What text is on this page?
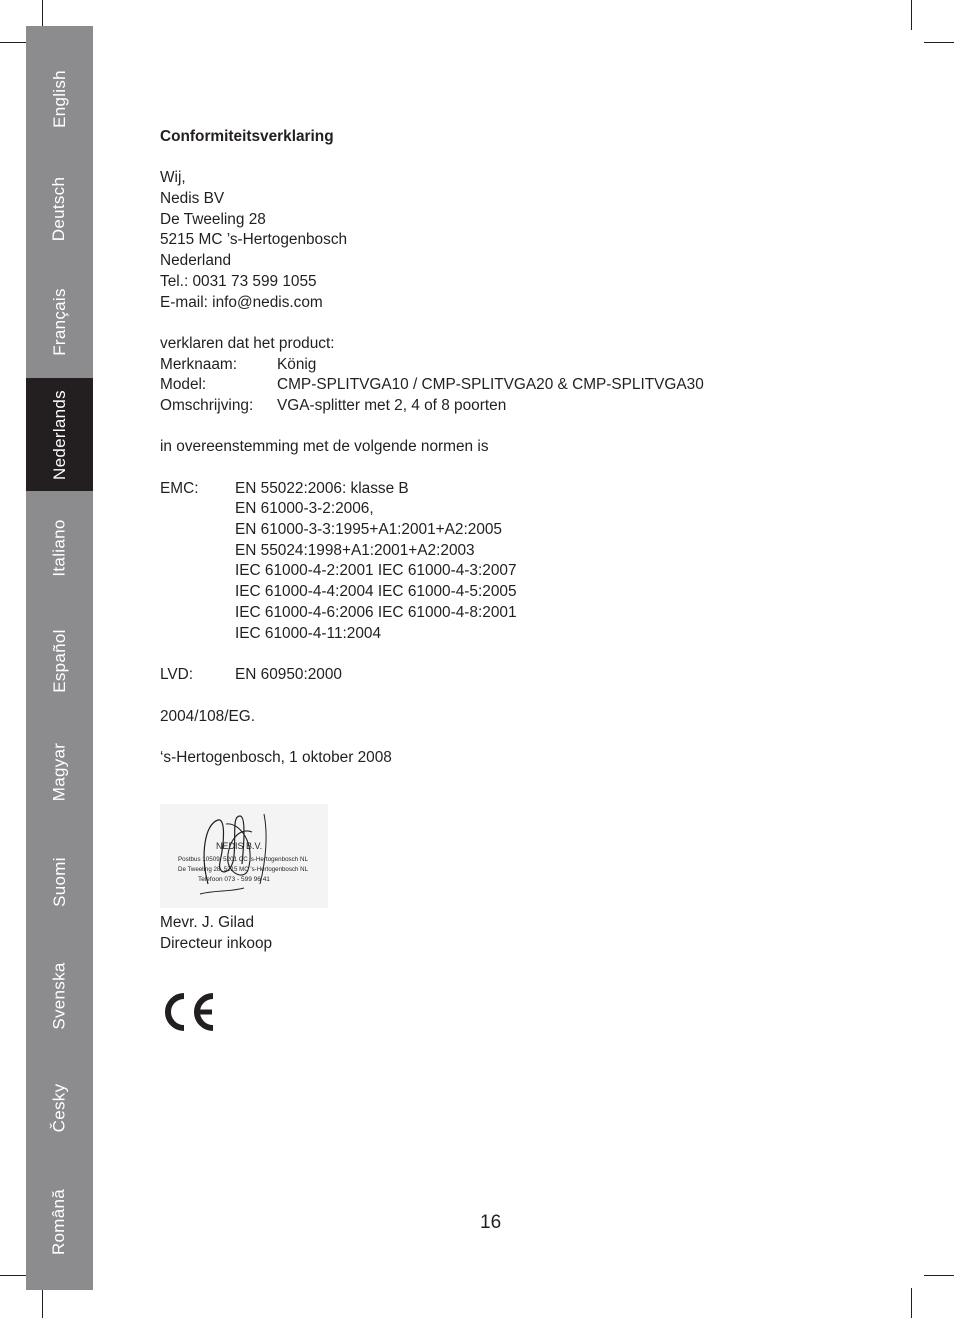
English
Deutsch
Français
Nederlands
Italiano
Español
Magyar
Suomi
Svenska
Česky
Română
Conformiteitsverklaring
Wij,
Nedis BV
De Tweeling 28
5215 MC ’s-Hertogenbosch
Nederland
Tel.: 0031 73 599 1055
E-mail: info@nedis.com
verklaren dat het product:
Merknaam:	König
Model:	CMP-SPLITVGA10 / CMP-SPLITVGA20 & CMP-SPLITVGA30
Omschrijving: VGA-splitter met 2, 4 of 8 poorten
in overeenstemming met de volgende normen is
EMC: EN 55022:2006: klasse B
EN 61000-3-2:2006,
EN 61000-3-3:1995+A1:2001+A2:2005
EN 55024:1998+A1:2001+A2:2003
IEC 61000-4-2:2001 IEC 61000-4-3:2007
IEC 61000-4-4:2004 IEC 61000-4-5:2005
IEC 61000-4-6:2006 IEC 61000-4-8:2001
IEC 61000-4-11:2004
LVD:	EN 60950:2000
2004/108/EG.
‘s-Hertogenbosch, 1 oktober 2008
NEDIS B.V.
Postbus 10509, 5201 CC 's-Hertogenbosch NL
De Tweeling 28, 5215 MC 's-Hertogenbosch NL
Telefoon 073 - 599 96 41
Mevr. J. Gilad
Directeur inkoop
16
